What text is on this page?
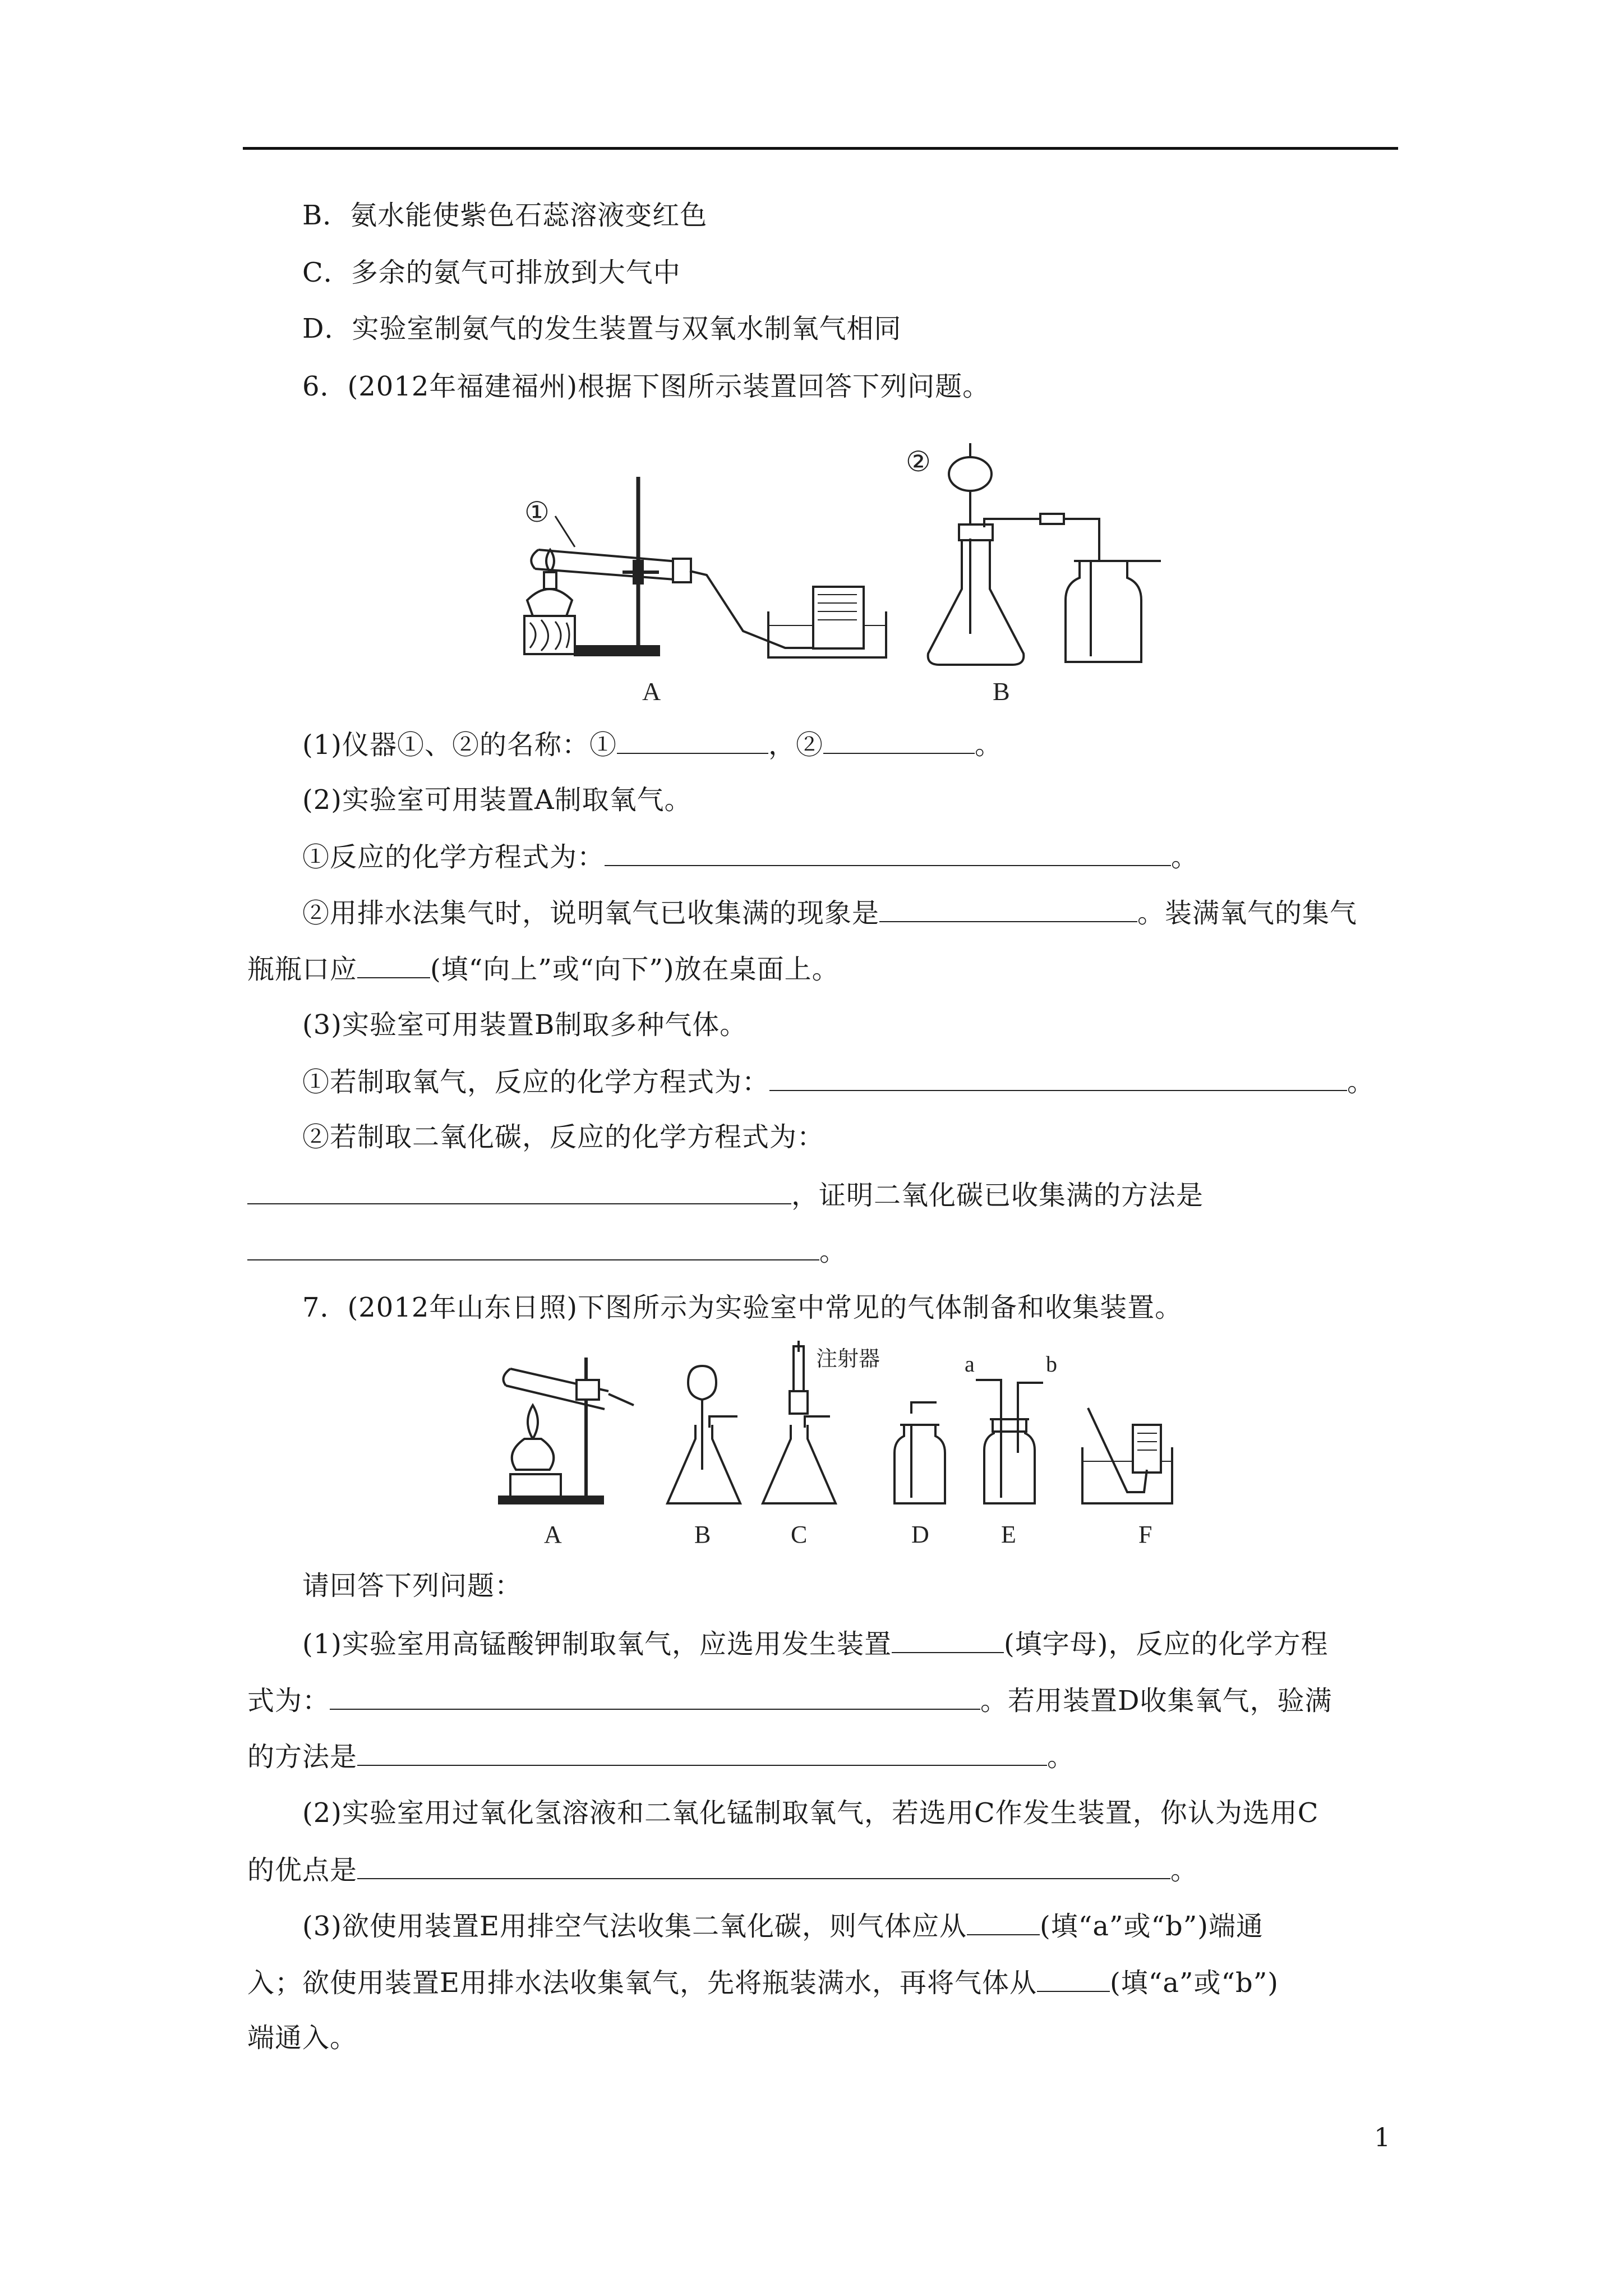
B．氨水能使紫色石蕊溶液变红色
C．多余的氨气可排放到大气中
D．实验室制氨气的发生装置与双氧水制氧气相同
6．(2012年福建福州)根据下图所示装置回答下列问题。
A
①
B
②
(1)仪器①、②的名称：①	，②	。
(2)实验室可用装置A制取氧气。
①反应的化学方程式为：	。
②用排水法集气时，说明氧气已收集满的现象是	。装满氧气的集气
瓶瓶口应	(填“向上”或“向下”)放在桌面上。
(3)实验室可用装置B制取多种气体。
①若制取氧气，反应的化学方程式为：	。
②若制取二氧化碳，反应的化学方程式为：
，证明二氧化碳已收集满的方法是
。
7．(2012年山东日照)下图所示为实验室中常见的气体制备和收集装置。
注射器	a	b
A	B	C	D	E	F
请回答下列问题：
(1)实验室用高锰酸钾制取氧气，应选用发生装置	(填字母)，反应的化学方程
式为：	。若用装置D收集氧气，验满
的方法是	。
(2)实验室用过氧化氢溶液和二氧化锰制取氧气，若选用C作发生装置，你认为选用C
的优点是	。
(3)欲使用装置E用排空气法收集二氧化碳，则气体应从	(填“a”或“b”)端通
入；欲使用装置E用排水法收集氧气，先将瓶装满水，再将气体从	(填“a”或“b”)
端通入。
1
